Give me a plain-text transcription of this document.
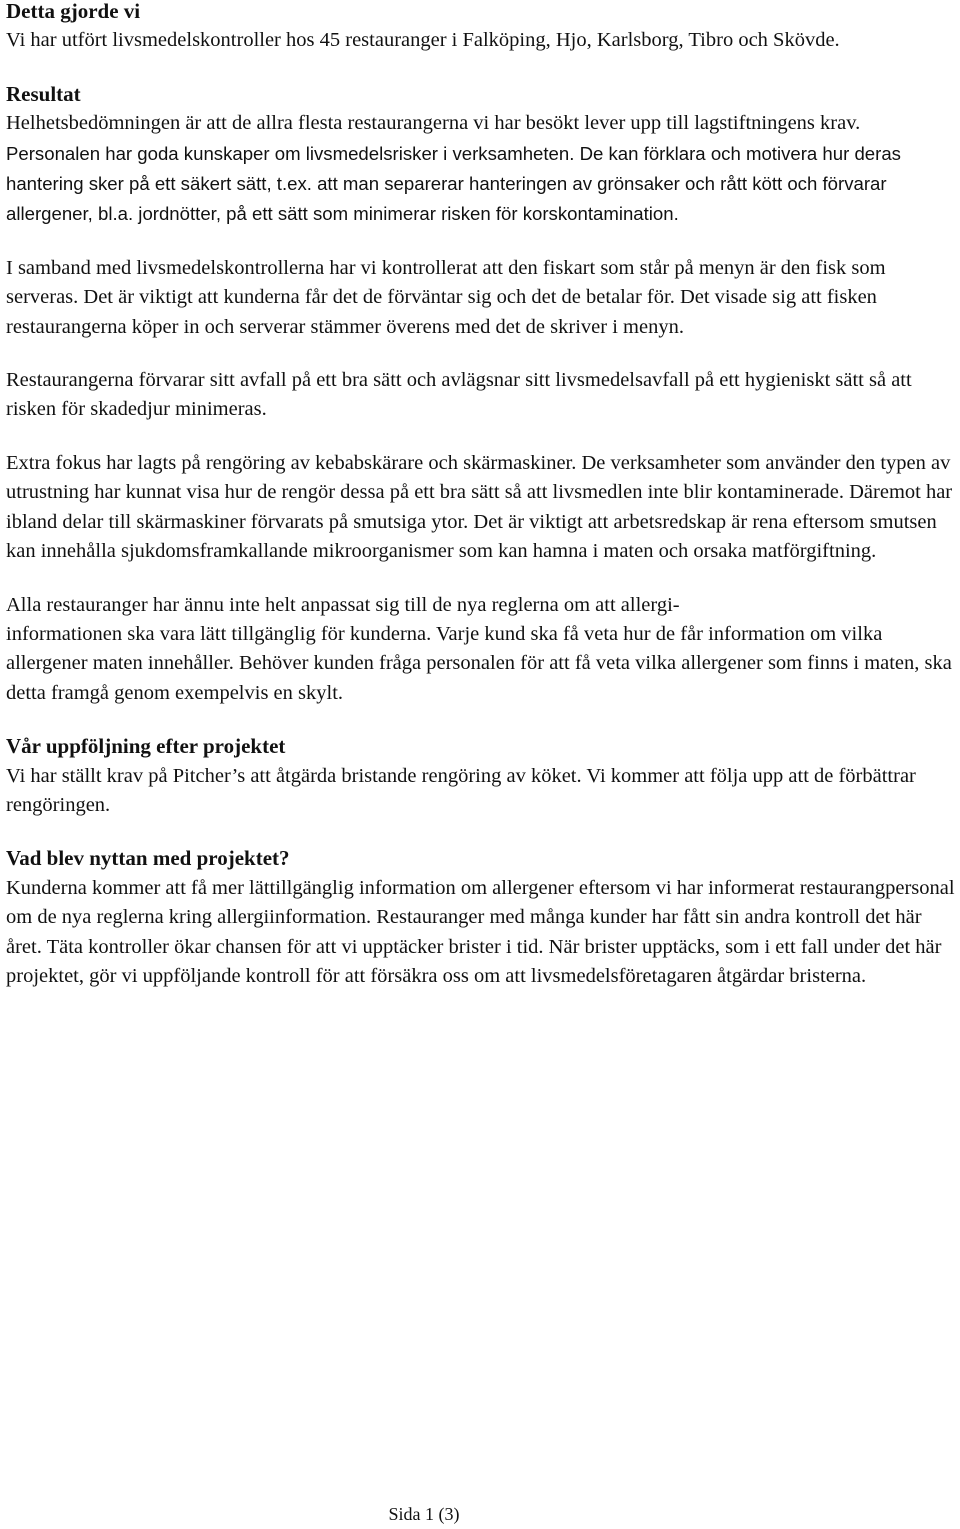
Detta gjorde vi

Vi har utfört livsmedelskontroller hos 45 restauranger i Falköping, Hjo, Karlsborg, Tibro och Skövde.

Resultat

Helhetsbedömningen är att de allra flesta restaurangerna vi har besökt lever upp till lagstiftningens krav. Personalen har goda kunskaper om livsmedelsrisker i verksamheten. De kan förklara och motivera hur deras hantering sker på ett säkert sätt, t.ex. att man separerar hanteringen av grönsaker och rått kött och förvarar allergener, bl.a. jordnötter, på ett sätt som minimerar risken för korskontamination.

I samband med livsmedelskontrollerna har vi kontrollerat att den fiskart som står på menyn är den fisk som serveras. Det är viktigt att kunderna får det de förväntar sig och det de betalar för. Det visade sig att fisken restaurangerna köper in och serverar stämmer överens med det de skriver i menyn.

Restaurangerna förvarar sitt avfall på ett bra sätt och avlägsnar sitt livsmedelsavfall på ett hygieniskt sätt så att risken för skadedjur minimeras.

Extra fokus har lagts på rengöring av kebabskärare och skärmaskiner. De verksamheter som använder den typen av utrustning har kunnat visa hur de rengör dessa på ett bra sätt så att livsmedlen inte blir kontaminerade. Däremot har ibland delar till skärmaskiner förvarats på smutsiga ytor. Det är viktigt att arbetsredskap är rena eftersom smutsen kan innehålla sjukdomsframkallande mikroorganismer som kan hamna i maten och orsaka matförgiftning.

Alla restauranger har ännu inte helt anpassat sig till de nya reglerna om att allergi-
informationen ska vara lätt tillgänglig för kunderna. Varje kund ska få veta hur de får information om vilka allergener maten innehåller. Behöver kunden fråga personalen för att få veta vilka allergener som finns i maten, ska detta framgå genom exempelvis en skylt.

Vår uppföljning efter projektet

Vi har ställt krav på Pitcher’s att åtgärda bristande rengöring av köket. Vi kommer att följa upp att de förbättrar rengöringen.

Vad blev nyttan med projektet?

Kunderna kommer att få mer lättillgänglig information om allergener eftersom vi har informerat restaurangpersonal om de nya reglerna kring allergiinformation. Restauranger med många kunder har fått sin andra kontroll det här året. Täta kontroller ökar chansen för att vi upptäcker brister i tid. När brister upptäcks, som i ett fall under det här projektet, gör vi uppföljande kontroll för att försäkra oss om att livsmedelsföretagaren åtgärdar bristerna.

Sida 1 (3)
